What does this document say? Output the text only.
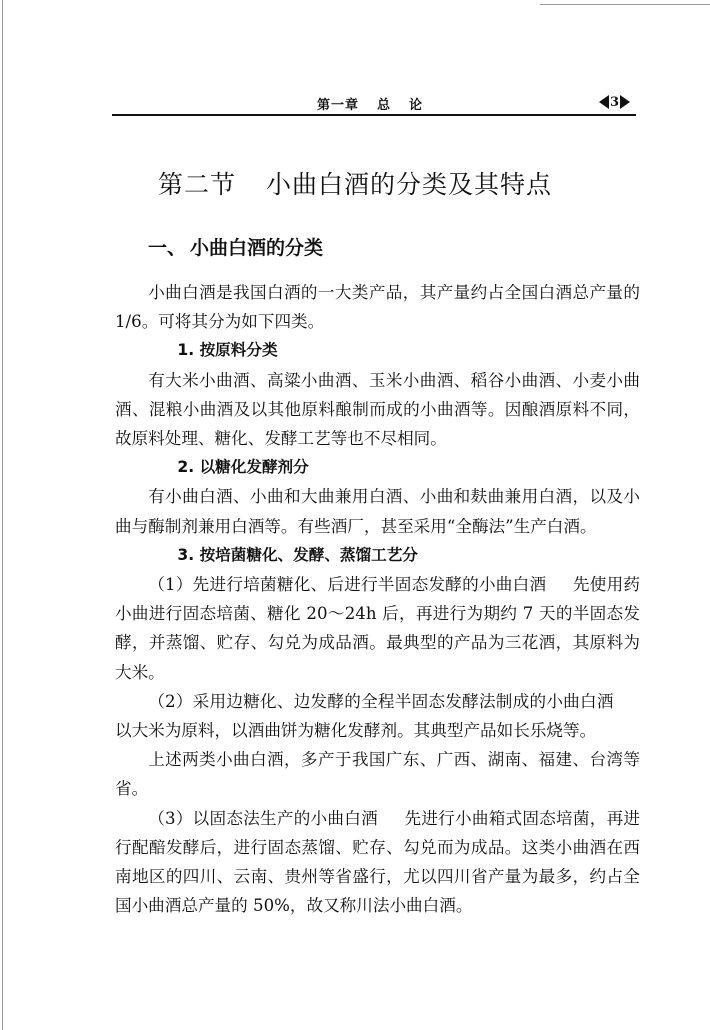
第一章 总 论	3
第二节 小曲白酒的分类及其特点
一、 小曲白酒的分类

小曲白酒是我国白酒的一大类产品，其产量约占全国白酒总产量的 1/6。可将其分为如下四类。

1. 按原料分类

有大米小曲酒、高粱小曲酒、玉米小曲酒、稻谷小曲酒、小麦小曲酒、混粮小曲酒及以其他原料酿制而成的小曲酒等。因酿酒原料不同，故原料处理、糖化、发酵工艺等也不尽相同。

2. 以糖化发酵剂分

有小曲白酒、小曲和大曲兼用白酒、小曲和麸曲兼用白酒，以及小曲与酶制剂兼用白酒等。有些酒厂，甚至采用“全酶法”生产白酒。

3. 按培菌糖化、发酵、蒸馏工艺分

（1）先进行培菌糖化、后进行半固态发酵的小曲白酒 先使用药小曲进行固态培菌、糖化 20～24h 后，再进行为期约 7 天的半固态发酵，并蒸馏、贮存、勾兑为成品酒。最典型的产品为三花酒，其原料为大米。

（2）采用边糖化、边发酵的全程半固态发酵法制成的小曲白酒以大米为原料，以酒曲饼为糖化发酵剂。其典型产品如长乐烧等。

上述两类小曲白酒，多产于我国广东、广西、湖南、福建、台湾等省。

（3）以固态法生产的小曲白酒 先进行小曲箱式固态培菌，再进行配醅发酵后，进行固态蒸馏、贮存、勾兑而为成品。这类小曲酒在西南地区的四川、云南、贵州等省盛行，尤以四川省产量为最多，约占全国小曲酒总产量的 50%，故又称川法小曲白酒。
